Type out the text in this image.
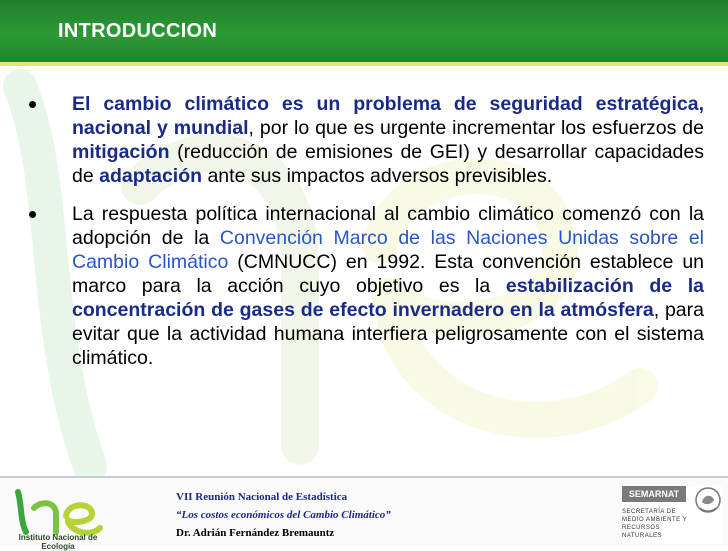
INTRODUCCION
• El cambio climático es un problema de seguridad estratégica, nacional y mundial, por lo que es urgente incrementar los esfuerzos de mitigación (reducción de emisiones de GEI) y desarrollar capacidades de adaptación ante sus impactos adversos previsibles.
• La respuesta política internacional al cambio climático comenzó con la adopción de la Convención Marco de las Naciones Unidas sobre el Cambio Climático (CMNUCC) en 1992. Esta convención establece un marco para la acción cuyo objetivo es la estabilización de la concentración de gases de efecto invernadero en la atmósfera, para evitar que la actividad humana interfiera peligrosamente con el sistema climático.
Instituto Nacional de Ecología
VII Reunión Nacional de Estadística
“Los costos económicos del Cambio Climático”
Dr. Adrián Fernández Bremauntz
SEMARNAT
SECRETARÍA DE MEDIO AMBIENTE Y RECURSOS NATURALES
